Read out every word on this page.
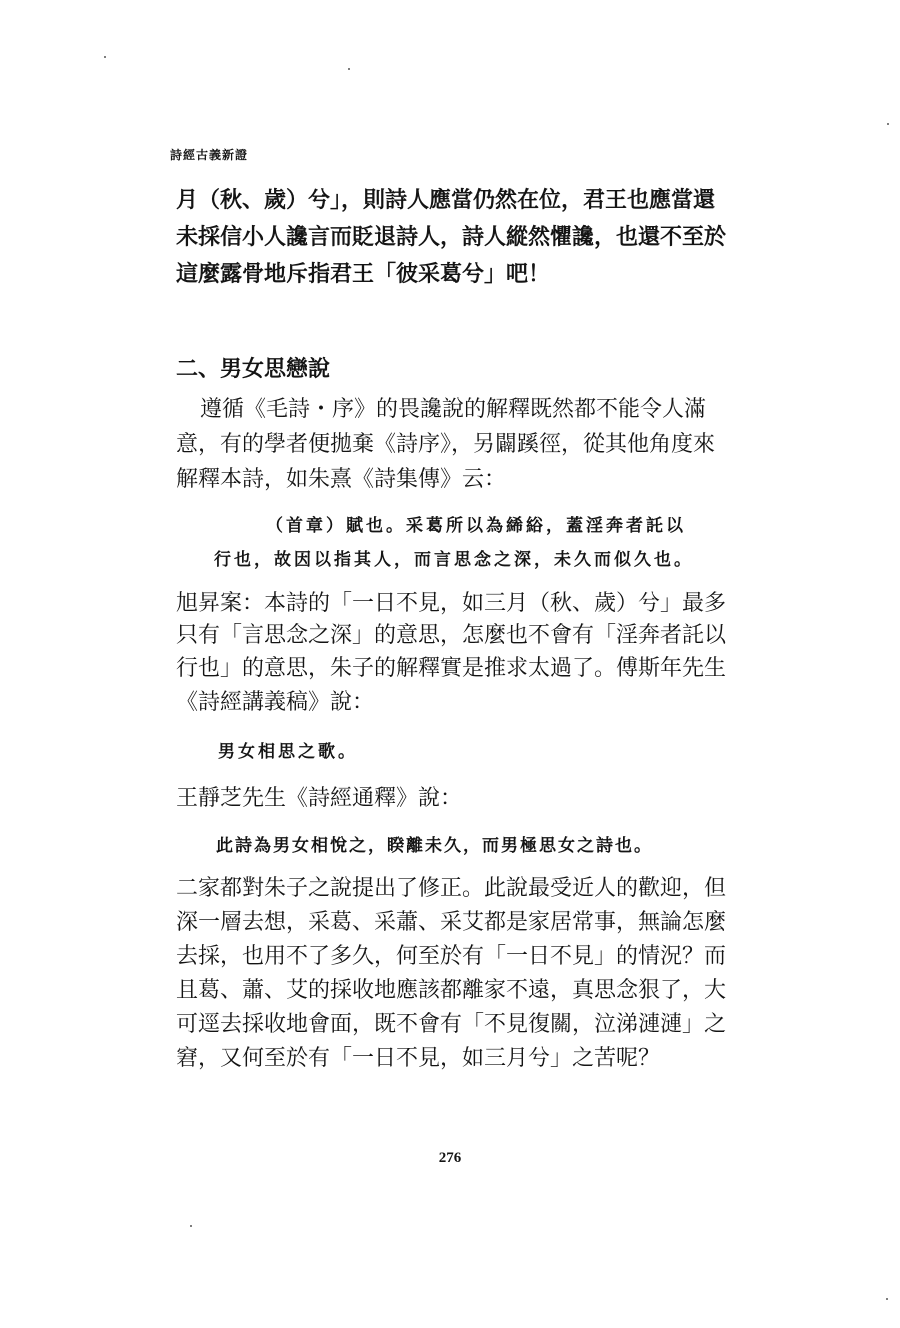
詩經古義新證
月（秋、歲）兮」，則詩人應當仍然在位，君王也應當還
未採信小人讒言而貶退詩人，詩人縱然懼讒，也還不至於
這麼露骨地斥指君王「彼采葛兮」吧！
二、男女思戀說
遵循《毛詩・序》的畏讒說的解釋既然都不能令人滿
意，有的學者便拋棄《詩序》，另闢蹊徑，從其他角度來
解釋本詩，如朱熹《詩集傳》云：
（首章）賦也。采葛所以為絺綌，蓋淫奔者託以
行也，故因以指其人，而言思念之深，未久而似久也。
旭昇案：本詩的「一日不見，如三月（秋、歲）兮」最多
只有「言思念之深」的意思，怎麼也不會有「淫奔者託以
行也」的意思，朱子的解釋實是推求太過了。傅斯年先生
《詩經講義稿》說：
男女相思之歌。
王靜芝先生《詩經通釋》說：
此詩為男女相悅之，睽離未久，而男極思女之詩也。
二家都對朱子之說提出了修正。此說最受近人的歡迎，但
深一層去想，采葛、采蕭、采艾都是家居常事，無論怎麼
去採，也用不了多久，何至於有「一日不見」的情況？而
且葛、蕭、艾的採收地應該都離家不遠，真思念狠了，大
可逕去採收地會面，既不會有「不見復關，泣涕漣漣」之
窘，又何至於有「一日不見，如三月兮」之苦呢？
276
